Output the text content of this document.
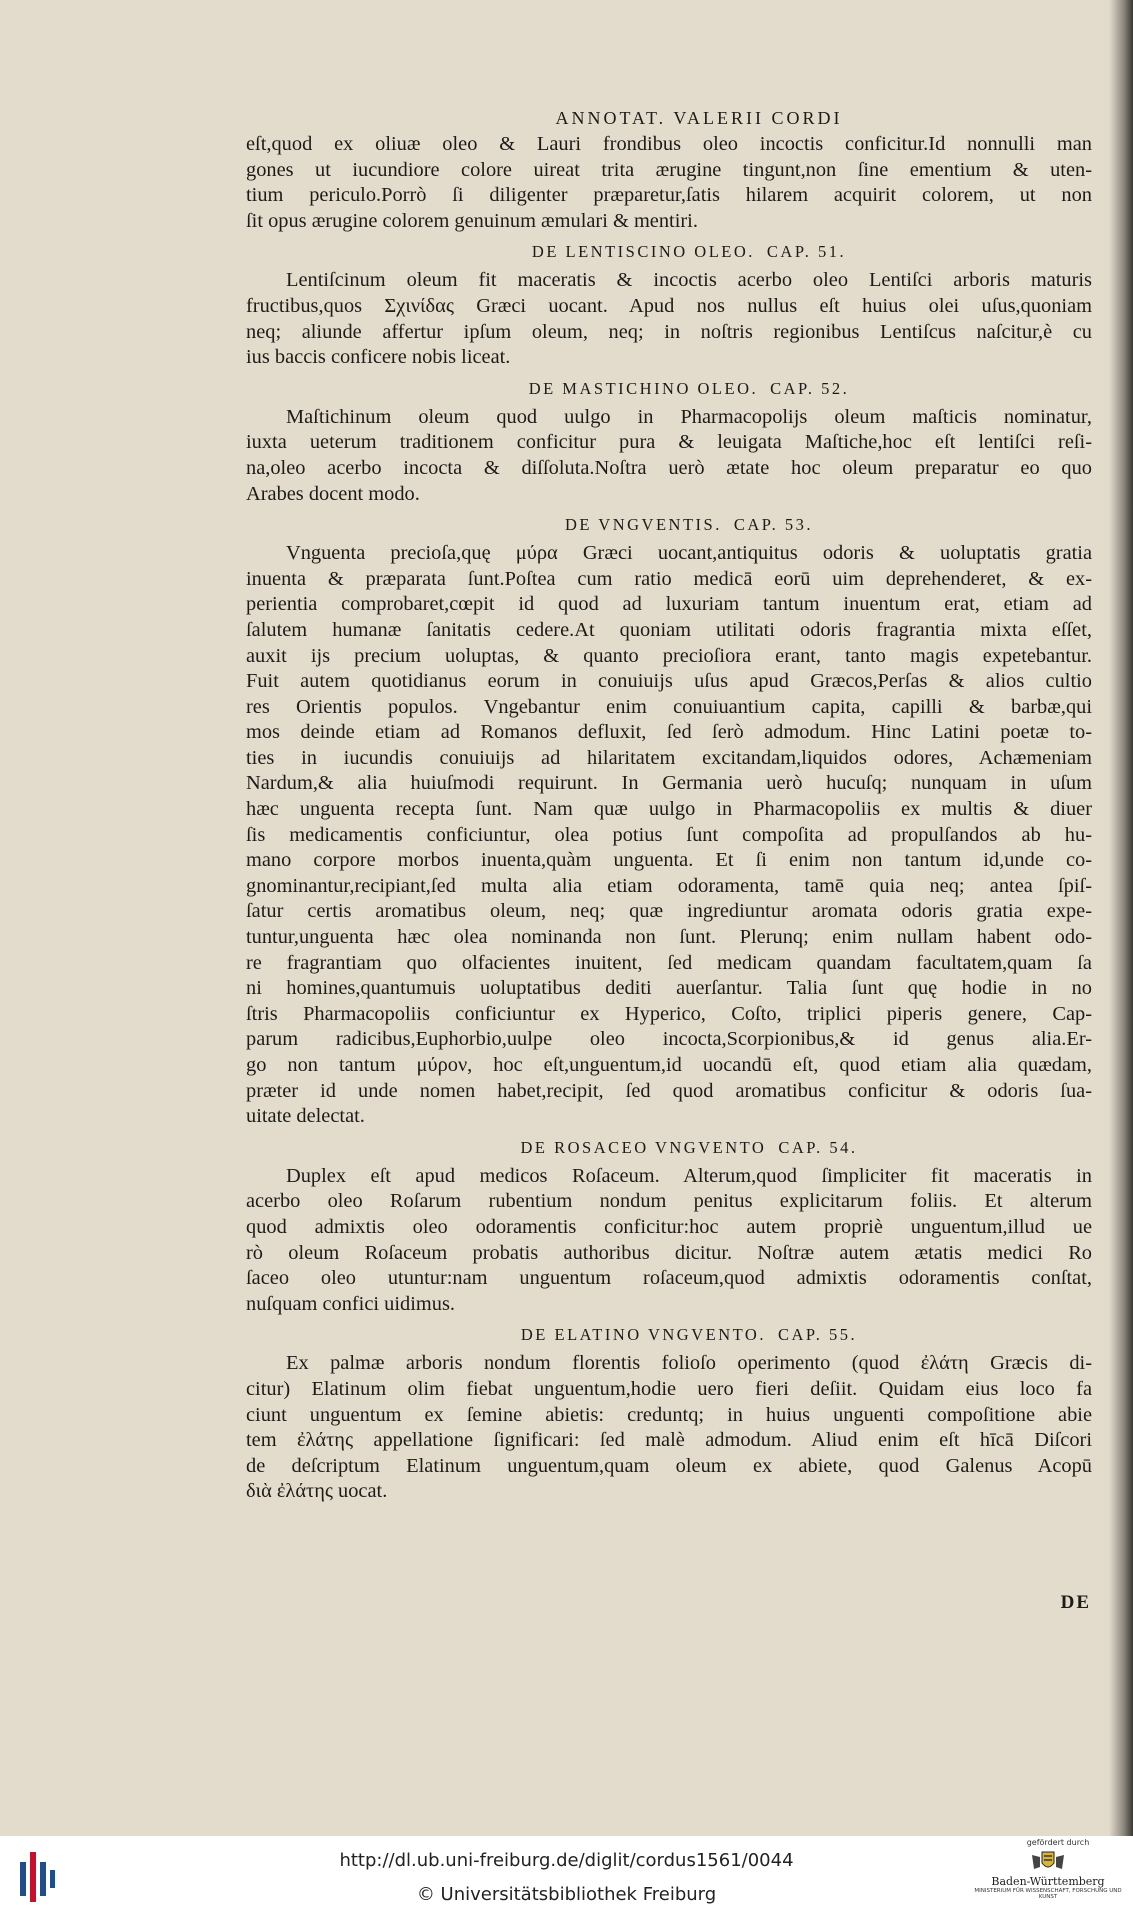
ANNOTAT. VALERII CORDI
eſt,quod ex oliuæ oleo & Lauri frondibus oleo incoctis conficitur.Id nonnulli man
gones ut iucundiore colore uireat trita ærugine tingunt,non ſine ementium & uten-
tium periculo.Porrò ſi diligenter præparetur,ſatis hilarem acquirit colorem, ut non
ſit opus ærugine colorem genuinum æmulari & mentiri.
DE LENTISCINO OLEO. CAP. 51.
Lentiſcinum oleum fit maceratis & incoctis acerbo oleo Lentiſci arboris maturis
fructibus,quos Σχινίδας Græci uocant. Apud nos nullus eſt huius olei uſus,quoniam
neq; aliunde affertur ipſum oleum, neq; in noſtris regionibus Lentiſcus naſcitur,è cu
ius baccis conficere nobis liceat.
DE MASTICHINO OLEO. CAP. 52.
Maſtichinum oleum quod uulgo in Pharmacopolijs oleum maſticis nominatur,
iuxta ueterum traditionem conficitur pura & leuigata Maſtiche,hoc eſt lentiſci reſi-
na,oleo acerbo incocta & diſſoluta.Noſtra uerò ætate hoc oleum preparatur eo quo
Arabes docent modo.
DE VNGVENTIS. CAP. 53.
Vnguenta precioſa,quę μύρα Græci uocant,antiquitus odoris & uoluptatis gratia
inuenta & præparata ſunt.Poſtea cum ratio medicā eorū uim deprehenderet, & ex-
perientia comprobaret,cœpit id quod ad luxuriam tantum inuentum erat, etiam ad
ſalutem humanæ ſanitatis cedere.At quoniam utilitati odoris fragrantia mixta eſſet,
auxit ijs precium uoluptas, & quanto precioſiora erant, tanto magis expetebantur.
Fuit autem quotidianus eorum in conuiuijs uſus apud Græcos,Perſas & alios cultio
res Orientis populos. Vngebantur enim conuiuantium capita, capilli & barbæ,qui
mos deinde etiam ad Romanos defluxit, ſed ſerò admodum. Hinc Latini poetæ to-
ties in iucundis conuiuijs ad hilaritatem excitandam,liquidos odores, Achæmeniam
Nardum,& alia huiuſmodi requirunt. In Germania uerò hucuſq; nunquam in uſum
hæc unguenta recepta ſunt. Nam quæ uulgo in Pharmacopoliis ex multis & diuer
ſis medicamentis conficiuntur, olea potius ſunt compoſita ad propulſandos ab hu-
mano corpore morbos inuenta,quàm unguenta. Et ſi enim non tantum id,unde co-
gnominantur,recipiant,ſed multa alia etiam odoramenta, tamē quia neq; antea ſpiſ-
ſatur certis aromatibus oleum, neq; quæ ingrediuntur aromata odoris gratia expe-
tuntur,unguenta hæc olea nominanda non ſunt. Plerunq; enim nullam habent odo-
re fragrantiam quo olfacientes inuitent, ſed medicam quandam facultatem,quam ſa
ni homines,quantumuis uoluptatibus dediti auerſantur. Talia ſunt quę hodie in no
ſtris Pharmacopoliis conficiuntur ex Hyperico, Coſto, triplici piperis genere, Cap-
parum radicibus,Euphorbio,uulpe oleo incocta,Scorpionibus,& id genus alia.Er-
go non tantum μύρον, hoc eſt,unguentum,id uocandū eſt, quod etiam alia quædam,
præter id unde nomen habet,recipit, ſed quod aromatibus conficitur & odoris ſua-
uitate delectat.
DE ROSACEO VNGVENTO CAP. 54.
Duplex eſt apud medicos Roſaceum. Alterum,quod ſimpliciter fit maceratis in
acerbo oleo Roſarum rubentium nondum penitus explicitarum foliis. Et alterum
quod admixtis oleo odoramentis conficitur:hoc autem propriè unguentum,illud ue
rò oleum Roſaceum probatis authoribus dicitur. Noſtræ autem ætatis medici Ro
ſaceo oleo utuntur:nam unguentum roſaceum,quod admixtis odoramentis conſtat,
nuſquam confici uidimus.
DE ELATINO VNGVENTO. CAP. 55.
Ex palmæ arboris nondum florentis folioſo operimento (quod ἐλάτη Græcis di-
citur) Elatinum olim fiebat unguentum,hodie uero fieri deſiit. Quidam eius loco fa
ciunt unguentum ex ſemine abietis: creduntq; in huius unguenti compoſitione abie
tem ἐλάτης appellatione ſignificari: ſed malè admodum. Aliud enim eſt hīcā Diſcori
de deſcriptum Elatinum unguentum,quam oleum ex abiete, quod Galenus Acopū
διὰ ἐλάτης uocat.
DE
http://dl.ub.uni-freiburg.de/diglit/cordus1561/0044
© Universitätsbibliothek Freiburg
gefördert durch
Baden-Württemberg
MINISTERIUM FÜR WISSENSCHAFT, FORSCHUNG UND KUNST
